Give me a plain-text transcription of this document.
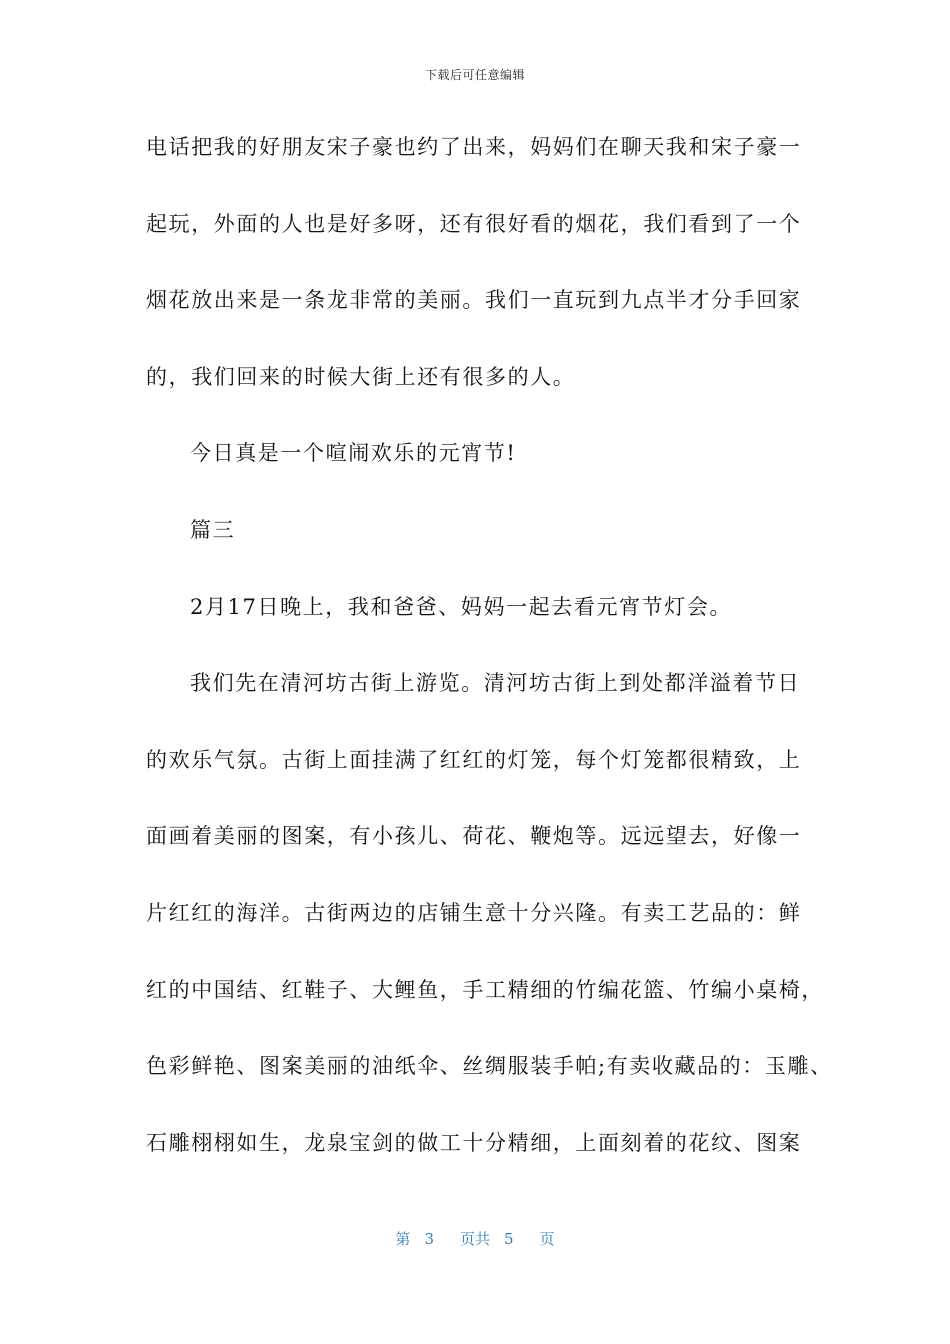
下载后可任意编辑
电话把我的好朋友宋子豪也约了出来，妈妈们在聊天我和宋子豪一
起玩，外面的人也是好多呀，还有很好看的烟花，我们看到了一个
烟花放出来是一条龙非常的美丽。我们一直玩到九点半才分手回家
的，我们回来的时候大街上还有很多的人。
今日真是一个喧闹欢乐的元宵节!
篇三
2月17日晚上，我和爸爸、妈妈一起去看元宵节灯会。
我们先在清河坊古街上游览。清河坊古街上到处都洋溢着节日
的欢乐气氛。古街上面挂满了红红的灯笼，每个灯笼都很精致，上
面画着美丽的图案，有小孩儿、荷花、鞭炮等。远远望去，好像一
片红红的海洋。古街两边的店铺生意十分兴隆。有卖工艺品的：鲜
红的中国结、红鞋子、大鲤鱼，手工精细的竹编花篮、竹编小桌椅，
色彩鲜艳、图案美丽的油纸伞、丝绸服装手帕;有卖收藏品的：玉雕、
石雕栩栩如生，龙泉宝剑的做工十分精细，上面刻着的花纹、图案
第 3 页共 5 页
